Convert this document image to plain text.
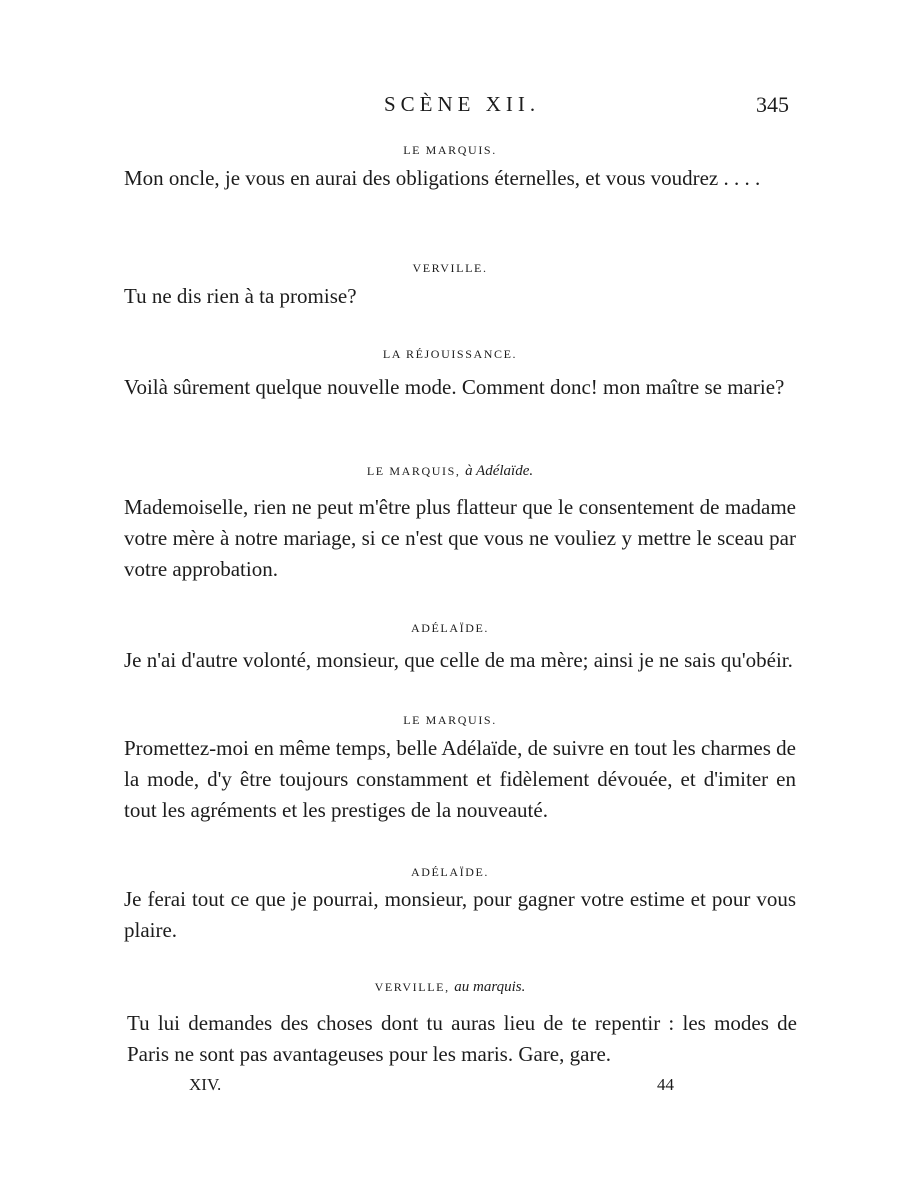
SCÈNE XII.	345
LE MARQUIS.
Mon oncle, je vous en aurai des obligations éternelles, et vous voudrez . . . .
VERVILLE.
Tu ne dis rien à ta promise?
LA RÉJOUISSANCE.
Voilà sûrement quelque nouvelle mode. Comment donc! mon maître se marie?
LE MARQUIS, à Adélaïde.
Mademoiselle, rien ne peut m'être plus flatteur que le consentement de madame votre mère à notre mariage, si ce n'est que vous ne vouliez y mettre le sceau par votre approbation.
ADÉLAÏDE.
Je n'ai d'autre volonté, monsieur, que celle de ma mère; ainsi je ne sais qu'obéir.
LE MARQUIS.
Promettez-moi en même temps, belle Adélaïde, de suivre en tout les charmes de la mode, d'y être toujours constamment et fidèlement dévouée, et d'imiter en tout les agréments et les prestiges de la nouveauté.
ADÉLAÏDE.
Je ferai tout ce que je pourrai, monsieur, pour gagner votre estime et pour vous plaire.
VERVILLE, au marquis.
Tu lui demandes des choses dont tu auras lieu de te repentir : les modes de Paris ne sont pas avantageuses pour les maris. Gare, gare.
XIV.	44
